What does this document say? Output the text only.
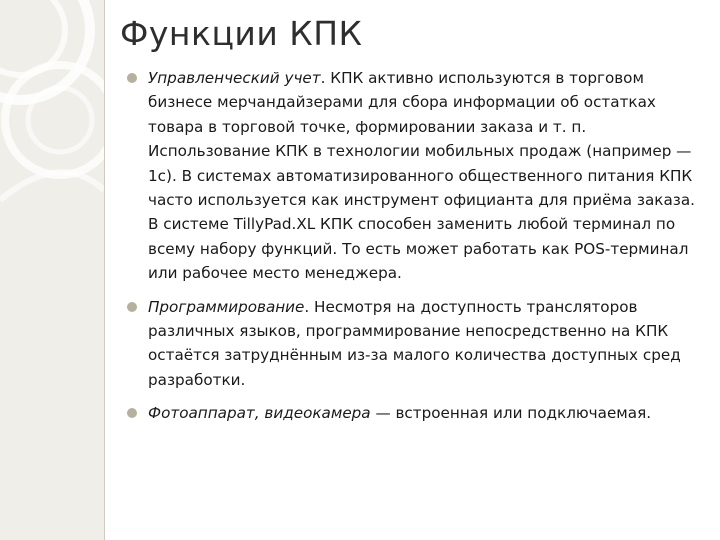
Функции КПК
Управленческий учет. КПК активно используются в торговом бизнесе мерчандайзерами для сбора информации об остатках товара в торговой точке, формировании заказа и т. п. Использование КПК в технологии мобильных продаж (например — 1с). В системах автоматизированного общественного питания КПК часто используется как инструмент официанта для приёма заказа. В системе TillyPad.XL КПК способен заменить любой терминал по всему набору функций. То есть может работать как POS-терминал или рабочее место менеджера.
Программирование. Несмотря на доступность трансляторов различных языков, программирование непосредственно на КПК остаётся затруднённым из-за малого количества доступных сред разработки.
Фотоаппарат, видеокамера — встроенная или подключаемая.
